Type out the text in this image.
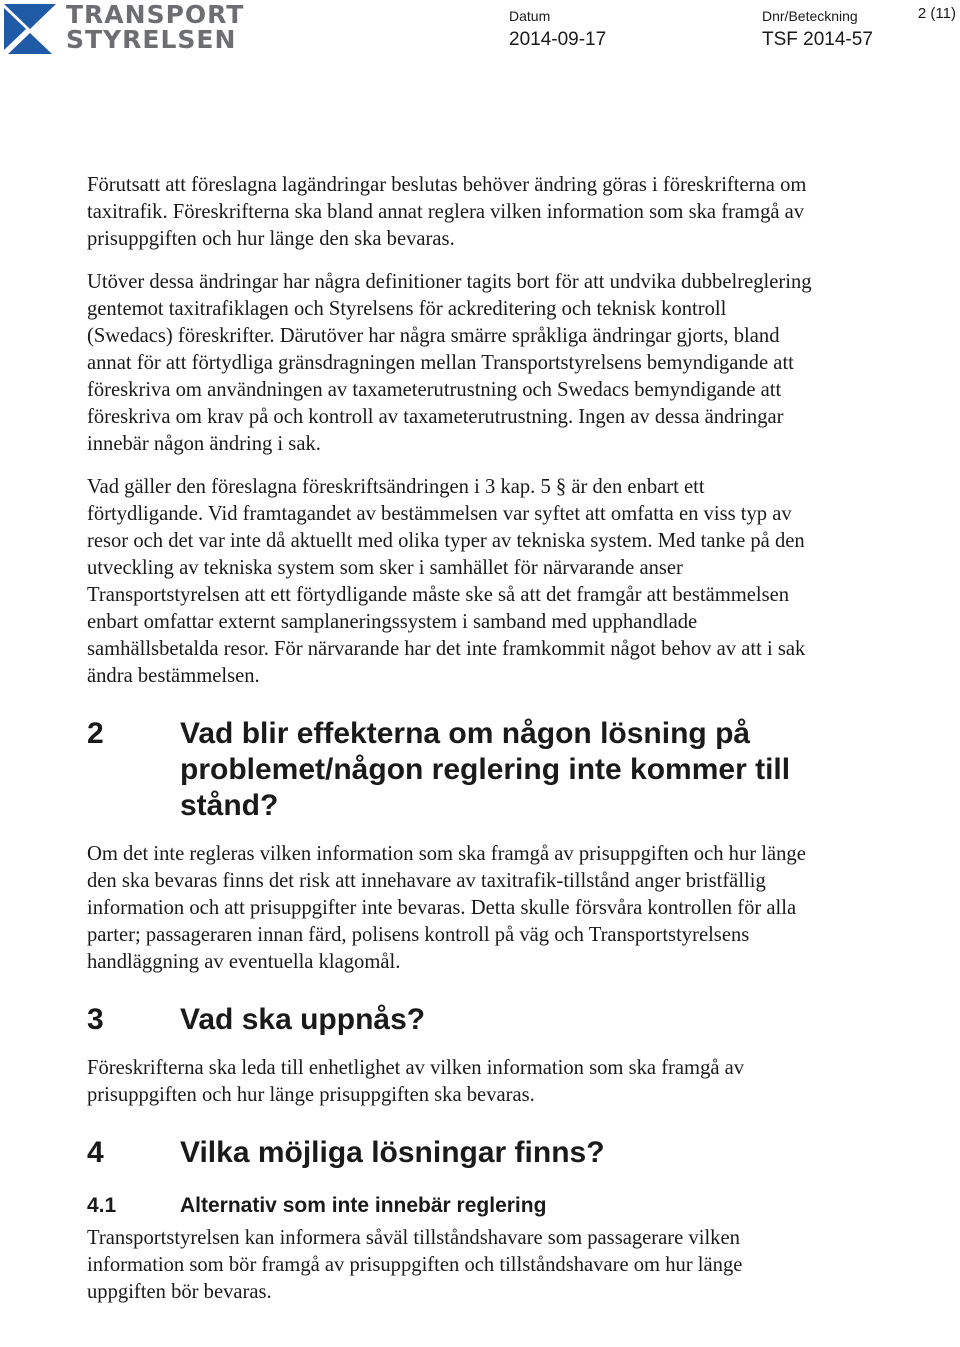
TRANSPORT
STYRELSEN
Datum
2014-09-17
Dnr/Beteckning
TSF 2014-57
2 (11)

Förutsatt att föreslagna lagändringar beslutas behöver ändring göras i föreskrifterna om taxitrafik. Föreskrifterna ska bland annat reglera vilken information som ska framgå av prisuppgiften och hur länge den ska bevaras.

Utöver dessa ändringar har några definitioner tagits bort för att undvika dubbelreglering gentemot taxitrafiklagen och Styrelsens för ackreditering och teknisk kontroll (Swedacs) föreskrifter. Därutöver har några smärre språkliga ändringar gjorts, bland annat för att förtydliga gränsdragningen mellan Transportstyrelsens bemyndigande att föreskriva om användningen av taxameterutrustning och Swedacs bemyndigande att föreskriva om krav på och kontroll av taxameterutrustning. Ingen av dessa ändringar innebär någon ändring i sak.

Vad gäller den föreslagna föreskriftsändringen i 3 kap. 5 § är den enbart ett förtydligande. Vid framtagandet av bestämmelsen var syftet att omfatta en viss typ av resor och det var inte då aktuellt med olika typer av tekniska system. Med tanke på den utveckling av tekniska system som sker i samhället för närvarande anser Transportstyrelsen att ett förtydligande måste ske så att det framgår att bestämmelsen enbart omfattar externt samplaneringssystem i samband med upphandlade samhällsbetalda resor. För närvarande har det inte framkommit något behov av att i sak ändra bestämmelsen.

2	Vad blir effekterna om någon lösning på problemet/någon reglering inte kommer till stånd?

Om det inte regleras vilken information som ska framgå av prisuppgiften och hur länge den ska bevaras finns det risk att innehavare av taxitrafik-tillstånd anger bristfällig information och att prisuppgifter inte bevaras. Detta skulle försvåra kontrollen för alla parter; passageraren innan färd, polisens kontroll på väg och Transportstyrelsens handläggning av eventuella klagomål.

3	Vad ska uppnås?

Föreskrifterna ska leda till enhetlighet av vilken information som ska framgå av prisuppgiften och hur länge prisuppgiften ska bevaras.

4	Vilka möjliga lösningar finns?
4.1	Alternativ som inte innebär reglering

Transportstyrelsen kan informera såväl tillståndshavare som passagerare vilken information som bör framgå av prisuppgiften och tillståndshavare om hur länge uppgiften bör bevaras.
